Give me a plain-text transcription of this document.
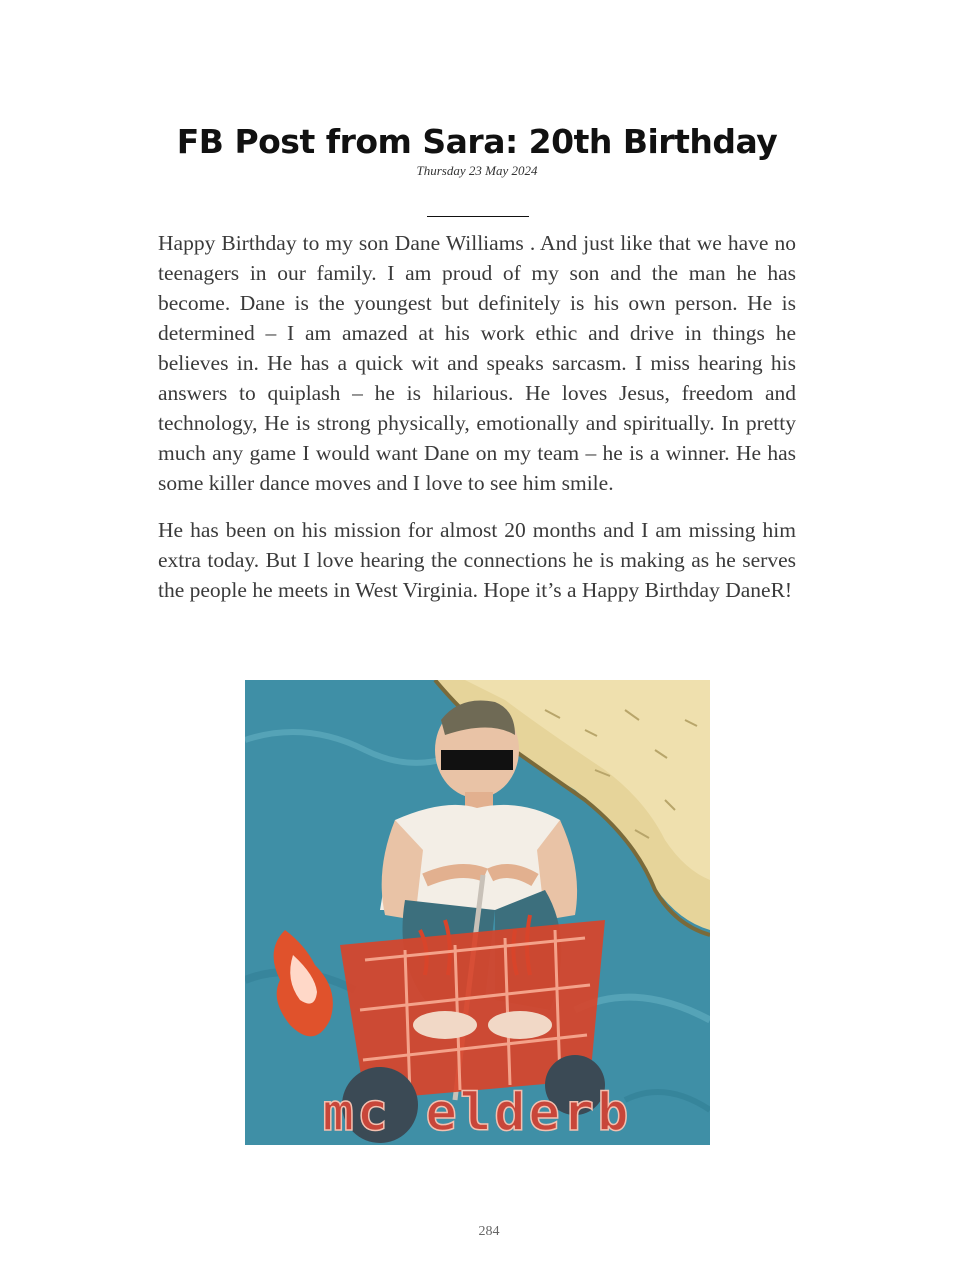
FB Post from Sara: 20th Birthday
Thursday 23 May 2024

Happy Birthday to my son Dane Williams . And just like that we have no teenagers in our family. I am proud of my son and the man he has become. Dane is the youngest but definitely is his own person. He is determined – I am amazed at his work ethic and drive in things he believes in. He has a quick wit and speaks sarcasm. I miss hearing his answers to quiplash – he is hilarious. He loves Jesus, freedom and technology, He is strong physically, emotionally and spiritually. In pretty much any game I would want Dane on my team – he is a winner. He has some killer dance moves and I love to see him smile.

He has been on his mission for almost 20 months and I am missing him extra today. But I love hearing the connections he is making as he serves the people he meets in West Virginia. Hope it’s a Happy Birthday DaneR!

mc elderb
284
